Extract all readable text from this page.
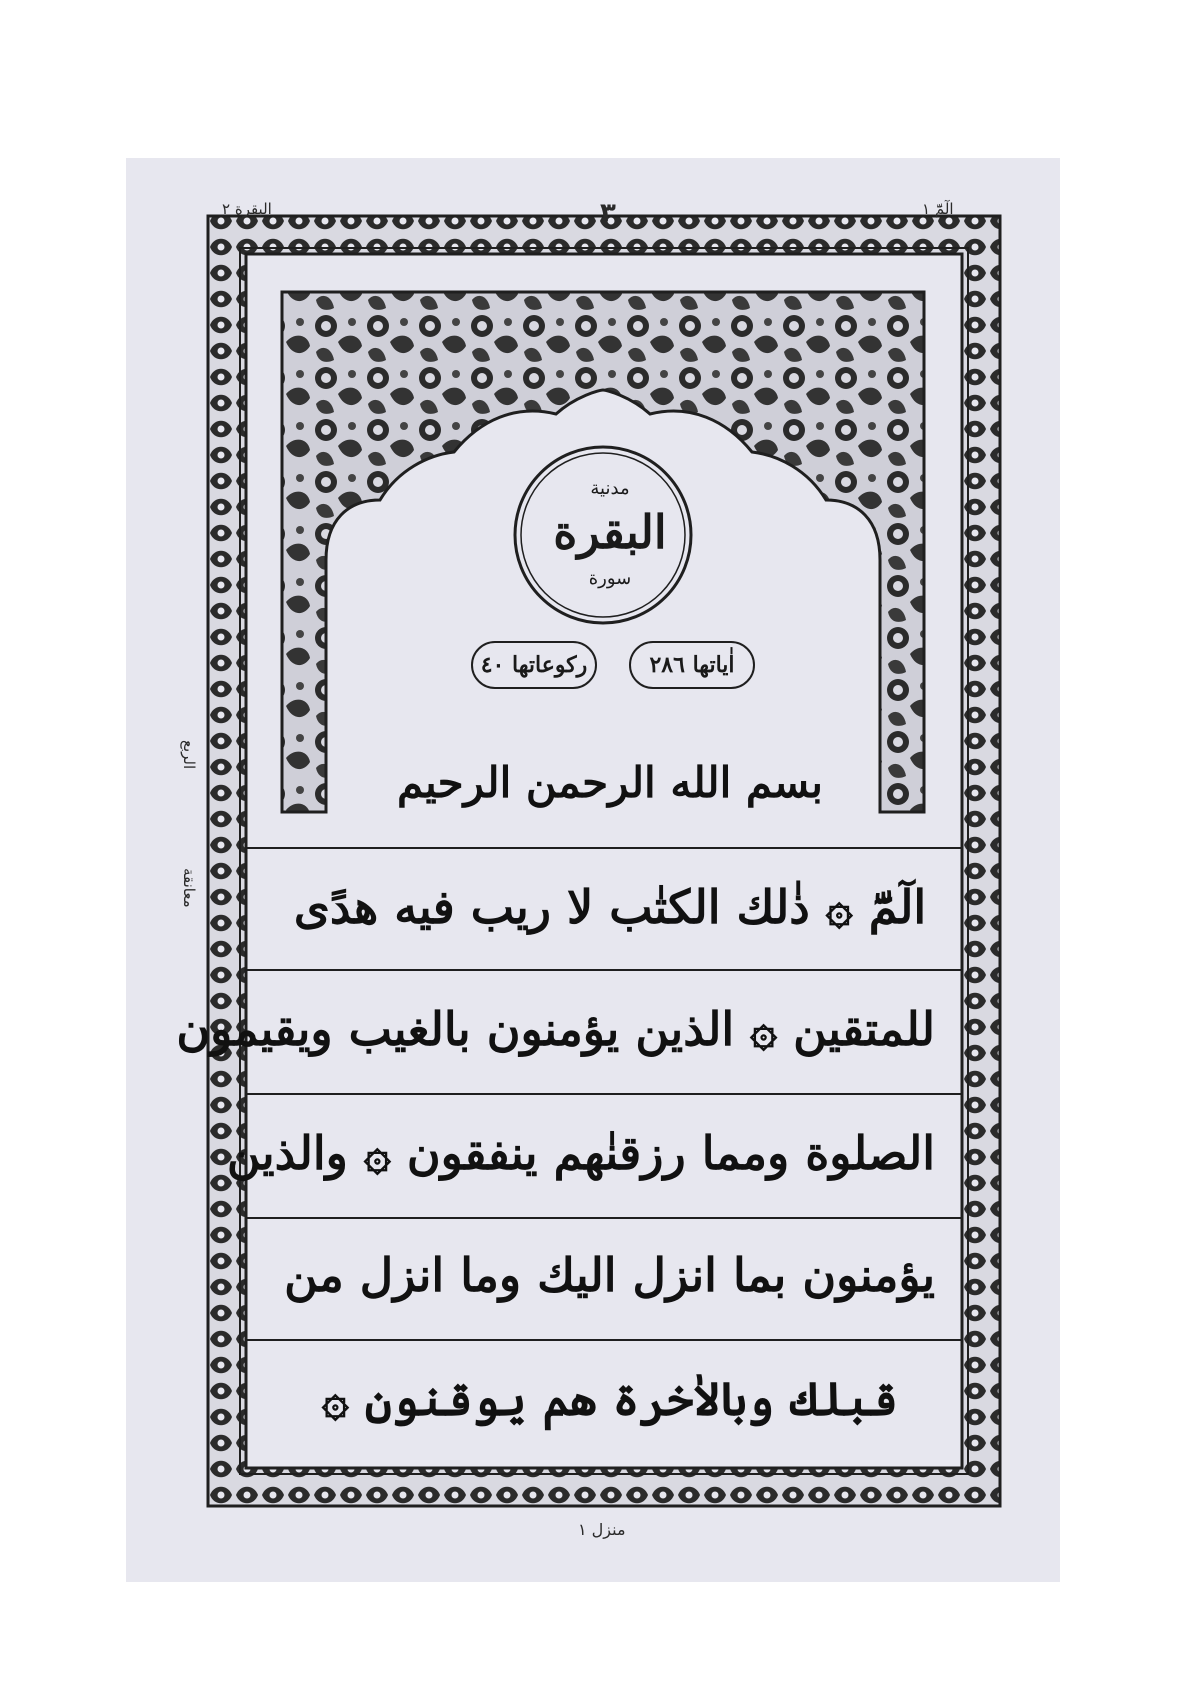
٣
البقرة ٢	الٓمّٓ ١
الربع
معانقة
مدنية
البقرة
سورة
اٰياتها ٢٨٦
ركوعاتها ٤٠
بسم الله الرحمن الرحيم
الٓمّٓ ۞ ذٰلك الكتٰب لا ريب فيه هدًى
للمتقين ۞ الذين يؤمنون بالغيب ويقيمون
الصلوة ومما رزقنٰهم ينفقون ۞ والذين
يؤمنون بما انزل اليك وما انزل من
قبلك وبالاٰخرة هم يوقنون ۞
منزل ١
